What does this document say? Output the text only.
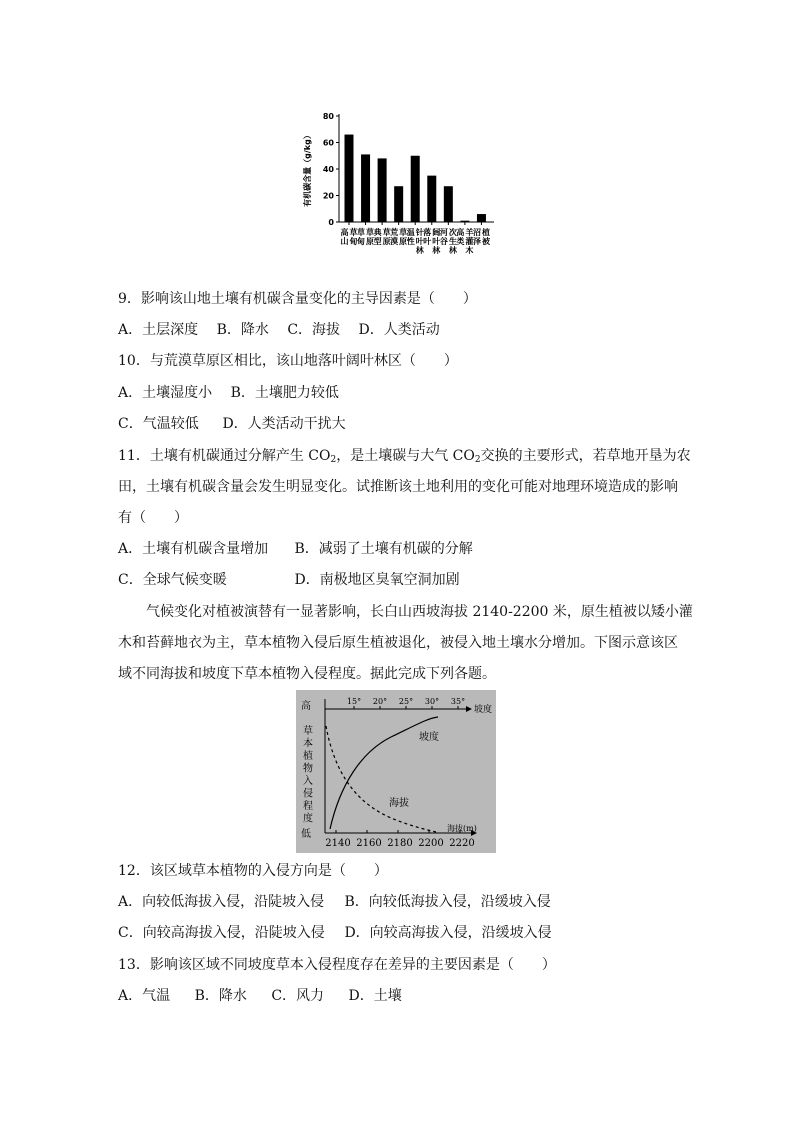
0
20
40
60
80
有机碳含量（g/kg）
高山草甸
草甸草原
典型草原
荒漠草原
温性针叶林
落叶阔叶林
河谷次生林
高类羊灌木
沼泽植被
9．影响该山地土壤有机碳含量变化的主导因素是（　　）
A．土层深度 B．降水 C．海拔 D．人类活动
10．与荒漠草原区相比，该山地落叶阔叶林区（　　）
A．土壤湿度小 B．土壤肥力较低
C．气温较低 D．人类活动干扰大
11．土壤有机碳通过分解产生 $CO_2$，是土壤碳与大气 $CO_2$交换的主要形式，若草地开垦为农
田，土壤有机碳含量会发生明显变化。试推断该土地利用的变化可能对地理环境造成的影响
有（　　）
A．土壤有机碳含量增加 B．减弱了土壤有机碳的分解
C．全球气候变暖	D．南极地区臭氧空洞加剧
气候变化对植被演替有一显著影响，长白山西坡海拔 2140-2200 米，原生植被以矮小灌
木和苔藓地衣为主，草本植物入侵后原生植被退化，被侵入地土壤水分增加。下图示意该区
域不同海拔和坡度下草本植物入侵程度。据此完成下列各题。
高
低
草本植物入侵程度
坡度
海拔(m)
15° 20° 25° 30° 35°
2140 2160 2180 2200 2220
坡度
海拔
12．该区域草本植物的入侵方向是（　　）
A．向较低海拔入侵，沿陡坡入侵 B．向较低海拔入侵，沿缓坡入侵
C．向较高海拔入侵，沿陡坡入侵 D．向较高海拔入侵，沿缓坡入侵
13．影响该区域不同坡度草本入侵程度存在差异的主要因素是（　　）
A．气温 B．降水 C．风力 D．土壤
